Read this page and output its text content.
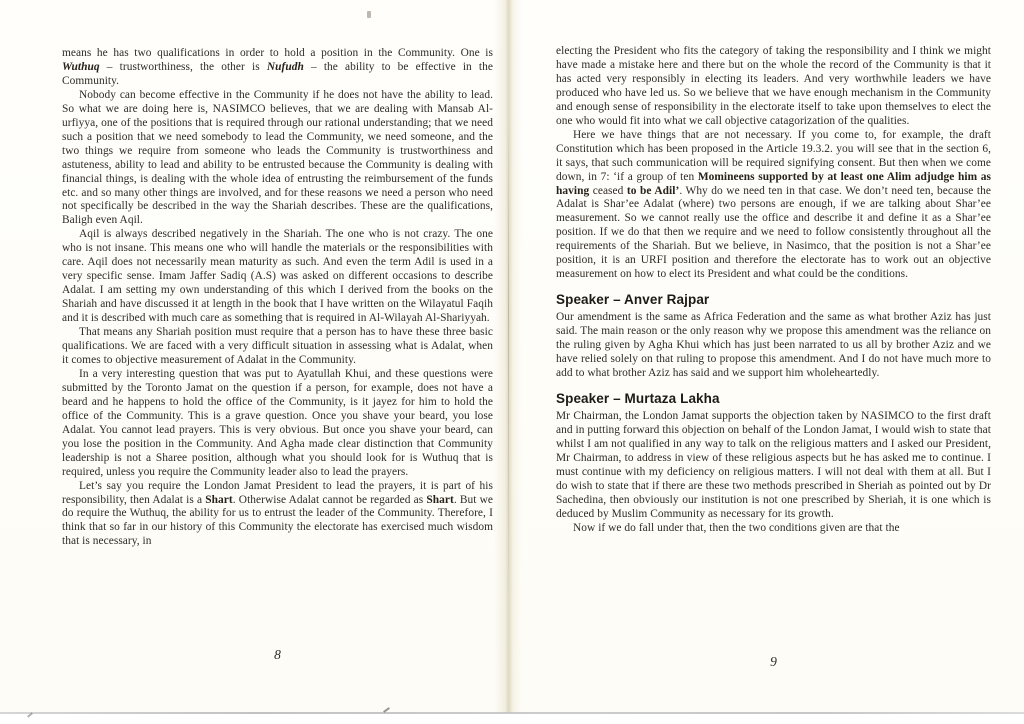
means he has two qualifications in order to hold a position in the Community. One is Wuthuq – trustworthiness, the other is Nufudh – the ability to be effective in the Community.

Nobody can become effective in the Community if he does not have the ability to lead. So what we are doing here is, NASIMCO believes, that we are dealing with Mansab Al-urfiyya, one of the positions that is required through our rational understanding; that we need such a position that we need somebody to lead the Community, we need someone, and the two things we require from someone who leads the Community is trustworthiness and astuteness, ability to lead and ability to be entrusted because the Community is dealing with financial things, is dealing with the whole idea of entrusting the reimbursement of the funds etc. and so many other things are involved, and for these reasons we need a person who need not specifically be described in the way the Shariah describes. These are the qualifications, Baligh even Aqil.

Aqil is always described negatively in the Shariah. The one who is not crazy. The one who is not insane. This means one who will handle the materials or the responsibilities with care. Aqil does not necessarily mean maturity as such. And even the term Adil is used in a very specific sense. Imam Jaffer Sadiq (A.S) was asked on different occasions to describe Adalat. I am setting my own understanding of this which I derived from the books on the Shariah and have discussed it at length in the book that I have written on the Wilayatul Faqih and it is described with much care as something that is required in Al-Wilayah Al-Shariyyah.

That means any Shariah position must require that a person has to have these three basic qualifications. We are faced with a very difficult situation in assessing what is Adalat, when it comes to objective measurement of Adalat in the Community.

In a very interesting question that was put to Ayatullah Khui, and these questions were submitted by the Toronto Jamat on the question if a person, for example, does not have a beard and he happens to hold the office of the Community, is it jayez for him to hold the office of the Community. This is a grave question. Once you shave your beard, you lose Adalat. You cannot lead prayers. This is very obvious. But once you shave your beard, can you lose the position in the Community. And Agha made clear distinction that Community leadership is not a Sharee position, although what you should look for is Wuthuq that is required, unless you require the Community leader also to lead the prayers.

Let’s say you require the London Jamat President to lead the prayers, it is part of his responsibility, then Adalat is a Shart. Otherwise Adalat cannot be regarded as Shart. But we do require the Wuthuq, the ability for us to entrust the leader of the Community. Therefore, I think that so far in our history of this Community the electorate has exercised much wisdom that is necessary, in

8

electing the President who fits the category of taking the responsibility and I think we might have made a mistake here and there but on the whole the record of the Community is that it has acted very responsibly in electing its leaders. And very worthwhile leaders we have produced who have led us. So we believe that we have enough mechanism in the Community and enough sense of responsibility in the electorate itself to take upon themselves to elect the one who would fit into what we call objective catagorization of the qualities.

Here we have things that are not necessary. If you come to, for example, the draft Constitution which has been proposed in the Article 19.3.2. you will see that in the section 6, it says, that such communication will be required signifying consent. But then when we come down, in 7: ‘if a group of ten Momineens supported by at least one Alim adjudge him as having ceased to be Adil’. Why do we need ten in that case. We don’t need ten, because the Adalat is Shar’ee Adalat (where) two persons are enough, if we are talking about Shar’ee measurement. So we cannot really use the office and describe it and define it as a Shar’ee position. If we do that then we require and we need to follow consistently throughout all the requirements of the Shariah. But we believe, in Nasimco, that the position is not a Shar’ee position, it is an URFI position and therefore the electorate has to work out an objective measurement on how to elect its President and what could be the conditions.

Speaker – Anver Rajpar

Our amendment is the same as Africa Federation and the same as what brother Aziz has just said. The main reason or the only reason why we propose this amendment was the reliance on the ruling given by Agha Khui which has just been narrated to us all by brother Aziz and we have relied solely on that ruling to propose this amendment. And I do not have much more to add to what brother Aziz has said and we support him wholeheartedly.

Speaker – Murtaza Lakha

Mr Chairman, the London Jamat supports the objection taken by NASIMCO to the first draft and in putting forward this objection on behalf of the London Jamat, I would wish to state that whilst I am not qualified in any way to talk on the religious matters and I asked our President, Mr Chairman, to address in view of these religious aspects but he has asked me to continue. I must continue with my deficiency on religious matters. I will not deal with them at all. But I do wish to state that if there are these two methods prescribed in Sheriah as pointed out by Dr Sachedina, then obviously our institution is not one prescribed by Sheriah, it is one which is deduced by Muslim Community as necessary for its growth.

Now if we do fall under that, then the two conditions given are that the

9
